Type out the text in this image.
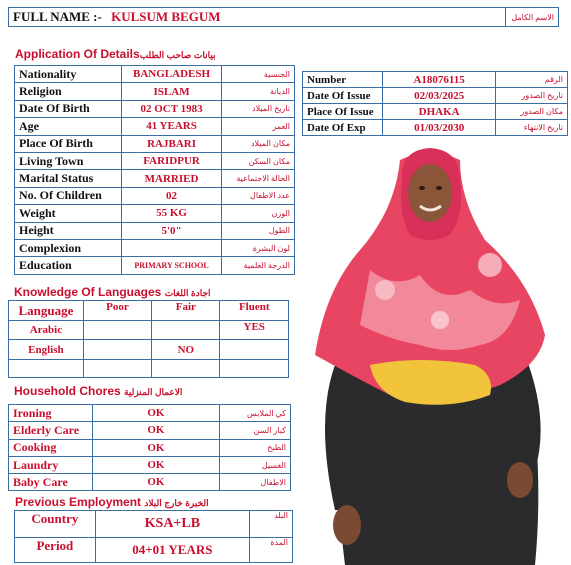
FULL NAME :- KULSUM BEGUM	الاسم الكامل
Application Of Detailsبيانات صاحب الطلب
Nationality	BANGLADESH	الجنسية
Religion	ISLAM	الديانة
Date Of Birth	02 OCT 1983	تاريخ الميلاد
Age	41 YEARS	العمر
Place Of Birth	RAJBARI	مكان الميلاد
Living Town	FARIDPUR	مكان السكن
Marital Status	MARRIED	الحالة الاجتماعية
No. Of Children	02	عدد الاطفال
Weight	55 KG	الوزن
Height	5'0"	الطول
Complexion		لون البشرة
Education	PRIMARY SCHOOL	الدرجة العلمية
Number	A18076115	الرقم
Date Of Issue	02/03/2025	تاريخ الصدور
Place Of Issue	DHAKA	مكان الصدور
Date Of Exp	01/03/2030	تاريخ الانتهاء
Knowledge Of Languages اجادة اللغات
Language	Poor	Fair	Fluent
Arabic			YES
English		NO	

Household Chores الاعمال المنزلية
Ironing	OK	كي الملابس
Elderly Care	OK	كبار السن
Cooking	OK	الطبخ
Laundry	OK	الغسيل
Baby Care	OK	الاطفال
Previous Employment الخبرة خارج البلاد
Country	KSA+LB	البلد
Period	04+01 YEARS	المدة
